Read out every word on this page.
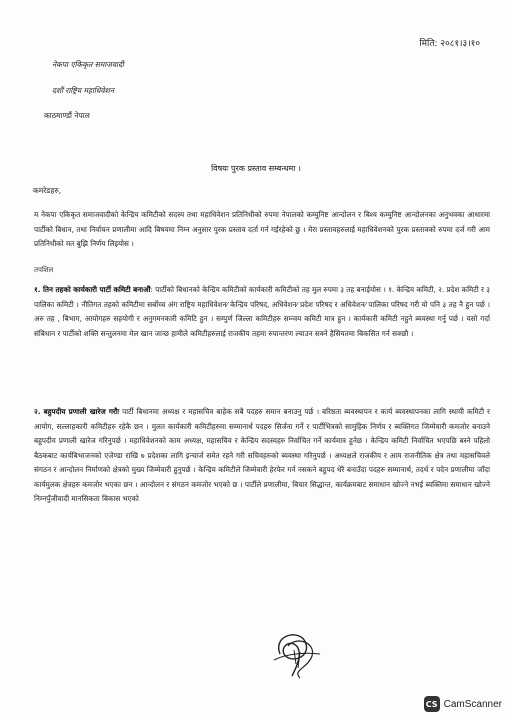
मिति: २०८१।३।१०
नेकपा एकिकृत समाजवादी
दशौं राष्ट्रिय महाधिवेशन
काठमाण्डौं नेपाल
विषयः पुरक प्रस्ताव सम्बन्धमा ।
कमरेडहरु,
म नेकपा एकिकृत समाजवादीको केन्द्रिय कमिटीको सदस्य तथा महाधिवेशन प्रतिनिधीको रुपमा नेपालको कम्युनिष्ट आन्दोलन र बिश्व कम्युनिष्ट आन्दोलनका अनुभवका आधारमा पार्टीको बिधान, तथा निर्वाचन प्रणालीमा आदि बिषयमा निम्न अनुसार पुरक प्रस्ताव दर्ता गर्न गईरहेको छु । मेरा प्रस्तावहरुलाई महाधिवेशनको पुरक प्रस्तावको रुपमा दर्ज गरी आम प्रतिनिधीको मत बुझि निर्णय लिइयोस ।
तपशिल
१. तिन तहको कार्यकारी पार्टी कमिटी बनाऔं: पार्टीको बिधानको केन्द्रिय कमिटीको कार्यकारी कमिटीको तह मुल रुपमा ३ तह बनाईयोस । १. केन्द्रिय कमिटी, २. प्रदेश कमिटी र ३ पालिका कमिटी । नीतिगत तहको कमिटीमा सर्बोच्च अंग राष्ट्रिय महाधिवेशन⁄ केन्द्रिय परिषद, अधिवेशन⁄ प्रदेश परिषद र अधिवेशन⁄ पालिका परिषद गरी यो पनि ३ तह नै हुन पर्छ । अरु तह , बिभाग, आयोगहरु सहयोगी र अनुगमनकारी कमिटि हुन । सम्पुर्ण जिल्ला कमिटीहरु सम्न्वय कमिटी मात्र हुन । कार्यकारी कमिटी नहुने ब्यवस्था गर्नु पर्छ । यसो गर्दा संबिधान र पार्टीको शक्ति सन्तुलनमा मेल खान जान्छ हामीले कमिटीहरुलाई राजकीय तहमा रुपान्तरण ल्याउन सक्ने हैसियतमा बिकसित गर्न सक्छौ ।
२. बहुपदीय प्रणाली खारेज गरौः पार्टी बिधानमा अध्यक्ष र महासचिव बाहेक सबै पदहरु समान बनाउनु पर्छ । बरिष्ठता ब्यवस्थापन र कार्य ब्यवस्थापनका लागि स्थायी कमिटी र आयोग, सल्लाहकारी कमिटीहरु रहेकै छन । मुलत कार्यकारी कमिटीहरुमा सम्मानार्थ पदहरु सिर्जना गर्ने र पार्टीभित्रको सामुहिक निर्णय र ब्यक्तिगत जिम्मेवारी कमजोर बनाउने बहुपदीय प्रणाली खारेज गरिनुपर्छ । महाधिवेशनको काम अध्यक्ष, महासचिव र केन्द्रिय सदस्यहरु निर्वाचित गर्ने कार्यमात्र हुनेछ । केन्द्रिय कमिटी निर्वाचित भएपछि बस्ने पहिलो बैठकबाट कार्यबिभाजनको एजेण्डा राखि ७ प्रदेशका लागि इन्चार्ज समेत रहने गरी सचिवहरुको ब्यवस्था गरिनुपर्छ । अध्यक्षले राजकीय र आम राजनीतिक क्षेत्र तथा महासचिवले संगठन र आन्दोलन निर्माणको क्षेत्रको मुख्य जिम्मेवारी हुनुपर्छ । केन्द्रिय कमिटीले जिम्मेवारी हेरफेर गर्न नसकने बहुपद धेरै बनाउँदा पदहरु सम्मानार्थ, तदर्थ र पदेन प्रणालीमा जाँदा कार्यमुलक क्षेत्रहरु कमजोर भएका छन । आन्दोलन र संगठन कमजोर भएको छ । पार्टीले प्रणालीमा, बिचार सिद्धान्त, कार्यक्रमबाट समाधान खोज्ने नभई ब्यक्तिमा समाधान खोज्ने निम्नपुँजीवादी मानसिकता बिकास भएको
CS CamScanner
